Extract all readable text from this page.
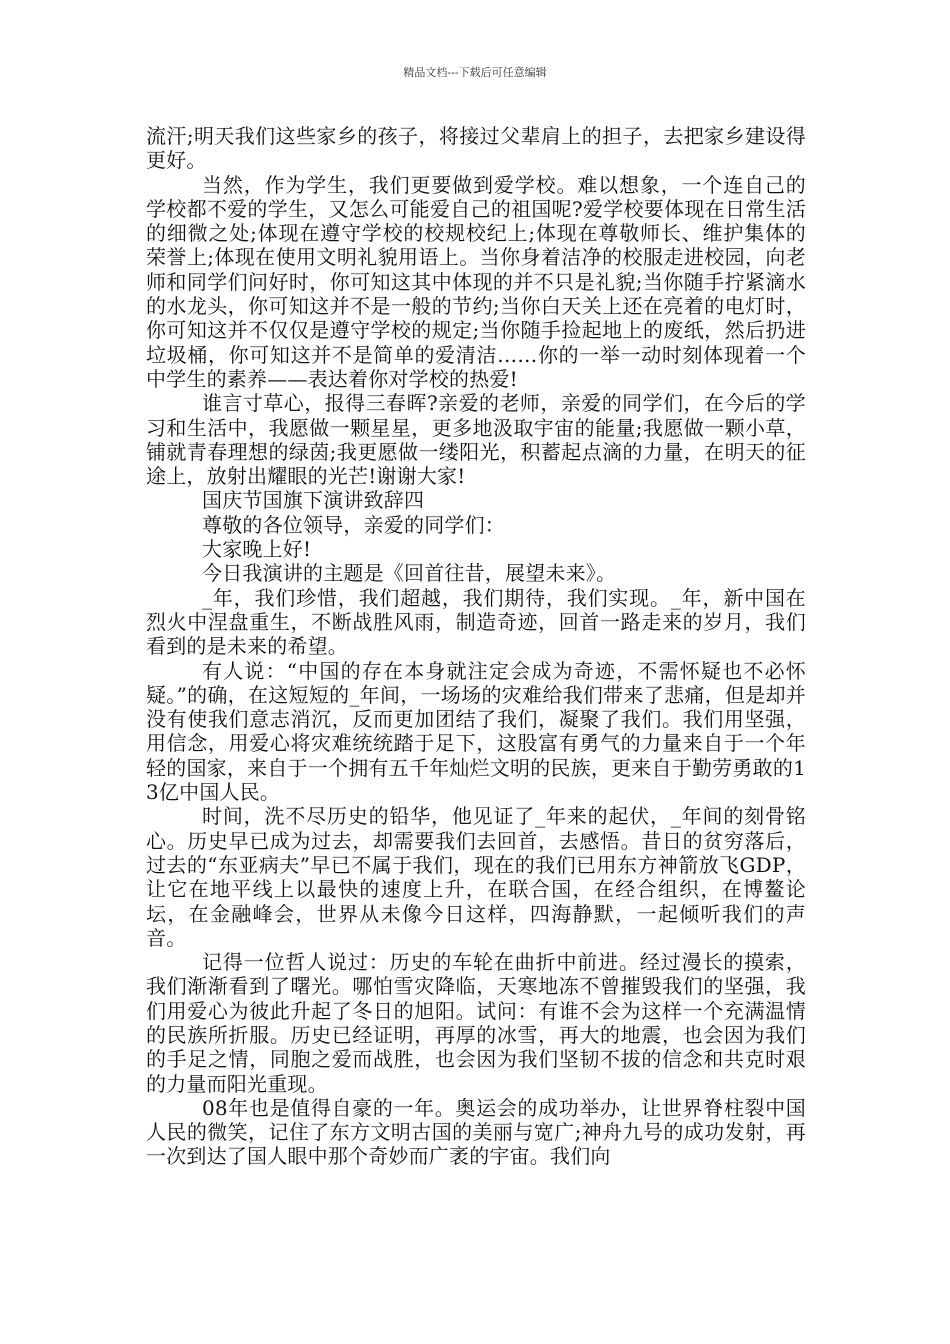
精品文档---下载后可任意编辑

流汗;明天我们这些家乡的孩子，将接过父辈肩上的担子，去把家乡建设得更好。

当然，作为学生，我们更要做到爱学校。难以想象，一个连自己的学校都不爱的学生，又怎么可能爱自己的祖国呢?爱学校要体现在日常生活的细微之处;体现在遵守学校的校规校纪上;体现在尊敬师长、维护集体的荣誉上;体现在使用文明礼貌用语上。当你身着洁净的校服走进校园，向老师和同学们问好时，你可知这其中体现的并不只是礼貌;当你随手拧紧滴水的水龙头，你可知这并不是一般的节约;当你白天关上还在亮着的电灯时，你可知这并不仅仅是遵守学校的规定;当你随手捡起地上的废纸，然后扔进垃圾桶，你可知这并不是简单的爱清洁……你的一举一动时刻体现着一个中学生的素养——表达着你对学校的热爱!

谁言寸草心，报得三春晖?亲爱的老师，亲爱的同学们，在今后的学习和生活中，我愿做一颗星星，更多地汲取宇宙的能量;我愿做一颗小草，铺就青春理想的绿茵;我更愿做一缕阳光，积蓄起点滴的力量，在明天的征途上，放射出耀眼的光芒!谢谢大家!

国庆节国旗下演讲致辞四

尊敬的各位领导，亲爱的同学们：

大家晚上好!

今日我演讲的主题是《回首往昔，展望未来》。

_年，我们珍惜，我们超越，我们期待，我们实现。_年，新中国在烈火中涅盘重生，不断战胜风雨，制造奇迹，回首一路走来的岁月，我们看到的是未来的希望。

有人说：“中国的存在本身就注定会成为奇迹，不需怀疑也不必怀疑。”的确，在这短短的_年间，一场场的灾难给我们带来了悲痛，但是却并没有使我们意志消沉，反而更加团结了我们，凝聚了我们。我们用坚强，用信念，用爱心将灾难统统踏于足下，这股富有勇气的力量来自于一个年轻的国家，来自于一个拥有五千年灿烂文明的民族，更来自于勤劳勇敢的13亿中国人民。

时间，洗不尽历史的铅华，他见证了_年来的起伏，_年间的刻骨铭心。历史早已成为过去，却需要我们去回首，去感悟。昔日的贫穷落后，过去的“东亚病夫”早已不属于我们，现在的我们已用东方神箭放飞GDP，让它在地平线上以最快的速度上升，在联合国，在经合组织，在博鳌论坛，在金融峰会，世界从未像今日这样，四海静默，一起倾听我们的声音。

记得一位哲人说过：历史的车轮在曲折中前进。经过漫长的摸索，我们渐渐看到了曙光。哪怕雪灾降临，天寒地冻不曾摧毁我们的坚强，我们用爱心为彼此升起了冬日的旭阳。试问：有谁不会为这样一个充满温情的民族所折服。历史已经证明，再厚的冰雪，再大的地震，也会因为我们的手足之情，同胞之爱而战胜，也会因为我们坚韧不拔的信念和共克时艰的力量而阳光重现。

08年也是值得自豪的一年。奥运会的成功举办，让世界脊柱裂中国人民的微笑，记住了东方文明古国的美丽与宽广;神舟九号的成功发射，再一次到达了国人眼中那个奇妙而广袤的宇宙。我们向
